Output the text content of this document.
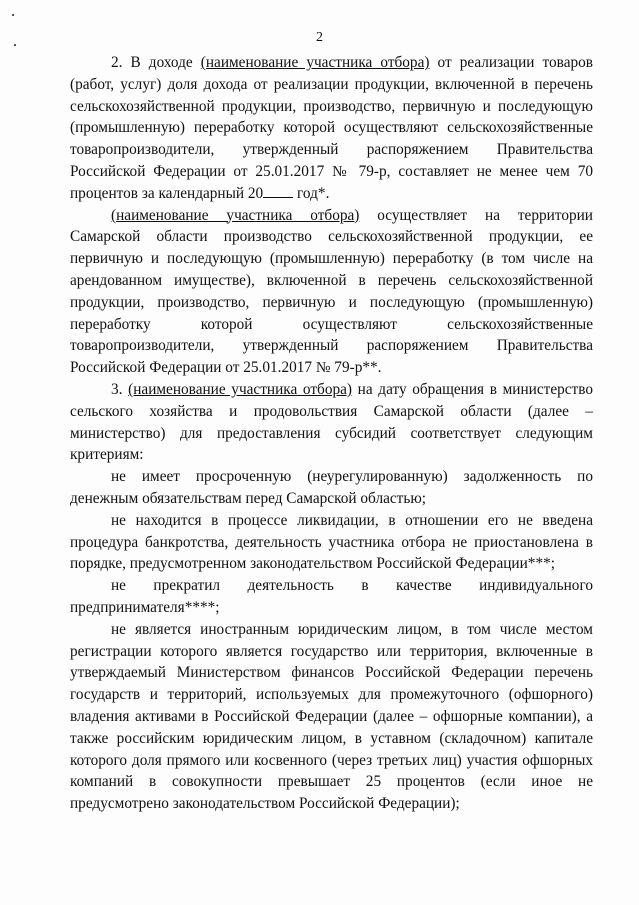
2

2. В доходе (наименование участника отбора) от реализации товаров (работ, услуг) доля дохода от реализации продукции, включенной в перечень сельскохозяйственной продукции, производство, первичную и последующую (промышленную) переработку которой осуществляют сельскохозяйственные товаропроизводители, утвержденный распоряжением Правительства Российской Федерации от 25.01.2017 № 79-р, составляет не менее чем 70 процентов за календарный 20 год*.

(наименование участника отбора) осуществляет на территории Самарской области производство сельскохозяйственной продукции, ее первичную и последующую (промышленную) переработку (в том числе на арендованном имуществе), включенной в перечень сельскохозяйственной продукции, производство, первичную и последующую (промышленную) переработку которой осуществляют сельскохозяйственные товаропроизводители, утвержденный распоряжением Правительства Российской Федерации от 25.01.2017 № 79-р**.

3. (наименование участника отбора) на дату обращения в министерство сельского хозяйства и продовольствия Самарской области (далее – министерство) для предоставления субсидий соответствует следующим критериям:

не имеет просроченную (неурегулированную) задолженность по денежным обязательствам перед Самарской областью;

не находится в процессе ликвидации, в отношении его не введена процедура банкротства, деятельность участника отбора не приостановлена в порядке, предусмотренном законодательством Российской Федерации***;

не прекратил деятельность в качестве индивидуального предпринимателя****;

не является иностранным юридическим лицом, в том числе местом регистрации которого является государство или территория, включенные в утверждаемый Министерством финансов Российской Федерации перечень государств и территорий, используемых для промежуточного (офшорного) владения активами в Российской Федерации (далее – офшорные компании), а также российским юридическим лицом, в уставном (складочном) капитале которого доля прямого или косвенного (через третьих лиц) участия офшорных компаний в совокупности превышает 25 процентов (если иное не предусмотрено законодательством Российской Федерации);
